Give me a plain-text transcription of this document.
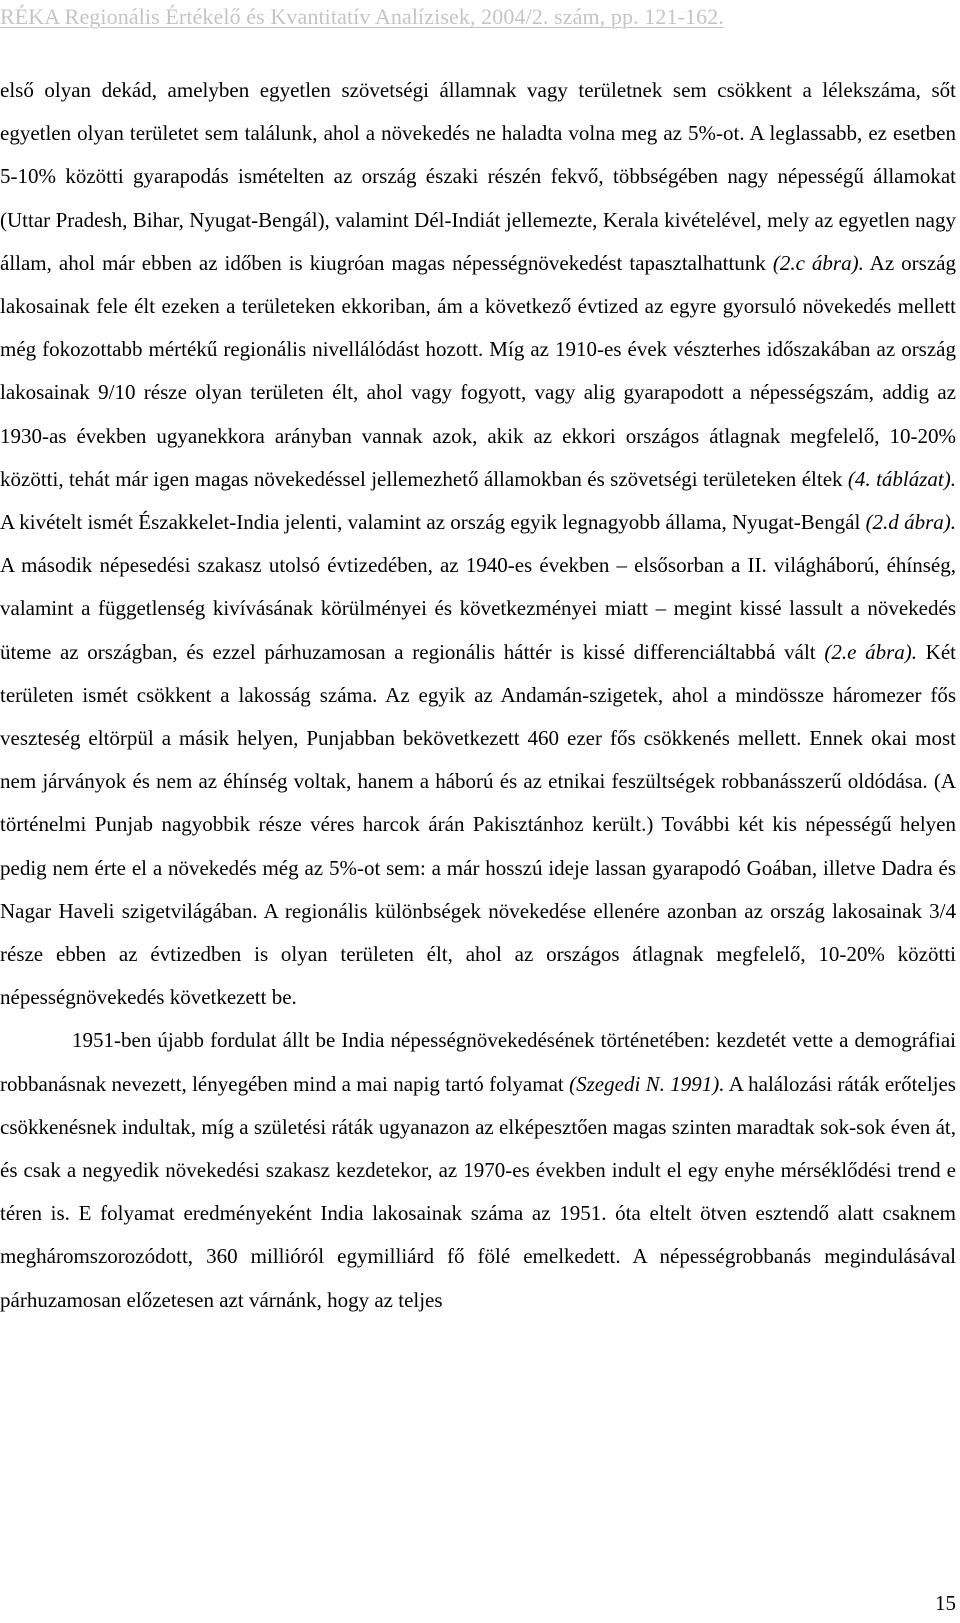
RÉKA Regionális Értékelő és Kvantitatív Analízisek, 2004/2. szám, pp. 121-162.

első olyan dekád, amelyben egyetlen szövetségi államnak vagy területnek sem csökkent a lélekszáma, sőt egyetlen olyan területet sem találunk, ahol a növekedés ne haladta volna meg az 5%-ot. A leglassabb, ez esetben 5-10% közötti gyarapodás ismételten az ország északi részén fekvő, többségében nagy népességű államokat (Uttar Pradesh, Bihar, Nyugat-Bengál), valamint Dél-Indiát jellemezte, Kerala kivételével, mely az egyetlen nagy állam, ahol már ebben az időben is kiugróan magas népességnövekedést tapasztalhattunk (2.c ábra). Az ország lakosainak fele élt ezeken a területeken ekkoriban, ám a következő évtized az egyre gyorsuló növekedés mellett még fokozottabb mértékű regionális nivellálódást hozott. Míg az 1910-es évek vészterhes időszakában az ország lakosainak 9/10 része olyan területen élt, ahol vagy fogyott, vagy alig gyarapodott a népességszám, addig az 1930-as években ugyanekkora arányban vannak azok, akik az ekkori országos átlagnak megfelelő, 10-20% közötti, tehát már igen magas növekedéssel jellemezhető államokban és szövetségi területeken éltek (4. táblázat). A kivételt ismét Északkelet-India jelenti, valamint az ország egyik legnagyobb állama, Nyugat-Bengál (2.d ábra). A második népesedési szakasz utolsó évtizedében, az 1940-es években – elsősorban a II. világháború, éhínség, valamint a függetlenség kivívásának körülményei és következményei miatt – megint kissé lassult a növekedés üteme az országban, és ezzel párhuzamosan a regionális háttér is kissé differenciáltabbá vált (2.e ábra). Két területen ismét csökkent a lakosság száma. Az egyik az Andamán-szigetek, ahol a mindössze háromezer fős veszteség eltörpül a másik helyen, Punjabban bekövetkezett 460 ezer fős csökkenés mellett. Ennek okai most nem járványok és nem az éhínség voltak, hanem a háború és az etnikai feszültségek robbanásszerű oldódása. (A történelmi Punjab nagyobbik része véres harcok árán Pakisztánhoz került.) További két kis népességű helyen pedig nem érte el a növekedés még az 5%-ot sem: a már hosszú ideje lassan gyarapodó Goában, illetve Dadra és Nagar Haveli szigetvilágában. A regionális különbségek növekedése ellenére azonban az ország lakosainak 3/4 része ebben az évtizedben is olyan területen élt, ahol az országos átlagnak megfelelő, 10-20% közötti népességnövekedés következett be.

1951-ben újabb fordulat állt be India népességnövekedésének történetében: kezdetét vette a demográfiai robbanásnak nevezett, lényegében mind a mai napig tartó folyamat (Szegedi N. 1991). A halálozási ráták erőteljes csökkenésnek indultak, míg a születési ráták ugyanazon az elképesztően magas szinten maradtak sok-sok éven át, és csak a negyedik növekedési szakasz kezdetekor, az 1970-es években indult el egy enyhe mérséklődési trend e téren is. E folyamat eredményeként India lakosainak száma az 1951. óta eltelt ötven esztendő alatt csaknem megháromszorozódott, 360 millióról egymilliárd fő fölé emelkedett. A népességrobbanás megindulásával párhuzamosan előzetesen azt várnánk, hogy az teljes

15
